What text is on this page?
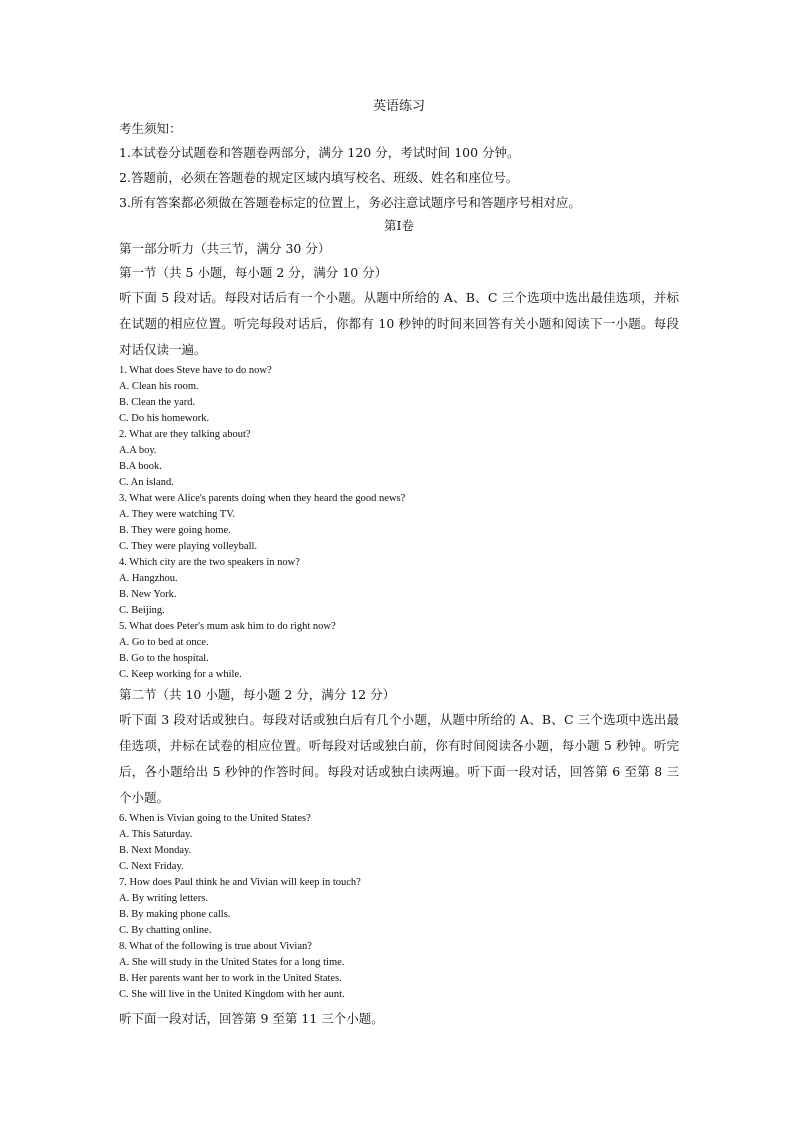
英语练习
考生须知：
1.本试卷分试题卷和答题卷两部分，满分 120 分，考试时间 100 分钟。
2.答题前，必须在答题卷的规定区域内填写校名、班级、姓名和座位号。
3.所有答案都必须做在答题卷标定的位置上，务必注意试题序号和答题序号相对应。
第Ⅰ卷
第一部分听力（共三节，满分 30 分）
第一节（共 5 小题，每小题 2 分，满分 10 分）
听下面 5 段对话。每段对话后有一个小题。从题中所给的 A、B、C 三个选项中选出最佳选项，并标在试题的相应位置。听完每段对话后，你都有 10 秒钟的时间来回答有关小题和阅读下一小题。每段对话仅读一遍。
1. What does Steve have to do now?
A. Clean his room.
B. Clean the yard.
C. Do his homework.
2. What are they talking about?
A.A boy.
B.A book.
C. An island.
3. What were Alice's parents doing when they heard the good news?
A. They were watching TV.
B. They were going home.
C. They were playing volleyball.
4. Which city are the two speakers in now?
A. Hangzhou.
B. New York.
C. Beijing.
5. What does Peter's mum ask him to do right now?
A. Go to bed at once.
B. Go to the hospital.
C. Keep working for a while.
第二节（共 10 小题，每小题 2 分，满分 12 分）
听下面 3 段对话或独白。每段对话或独白后有几个小题，从题中所给的 A、B、C 三个选项中选出最佳选项，并标在试卷的相应位置。听每段对话或独白前，你有时间阅读各小题，每小题 5 秒钟。听完后，各小题给出 5 秒钟的作答时间。每段对话或独白读两遍。听下面一段对话，回答第 6 至第 8 三个小题。
6. When is Vivian going to the United States?
A. This Saturday.
B. Next Monday.
C. Next Friday.
7. How does Paul think he and Vivian will keep in touch?
A. By writing letters.
B. By making phone calls.
C. By chatting online.
8. What of the following is true about Vivian?
A. She will study in the United States for a long time.
B. Her parents want her to work in the United States.
C. She will live in the United Kingdom with her aunt.
听下面一段对话，回答第 9 至第 11 三个小题。
